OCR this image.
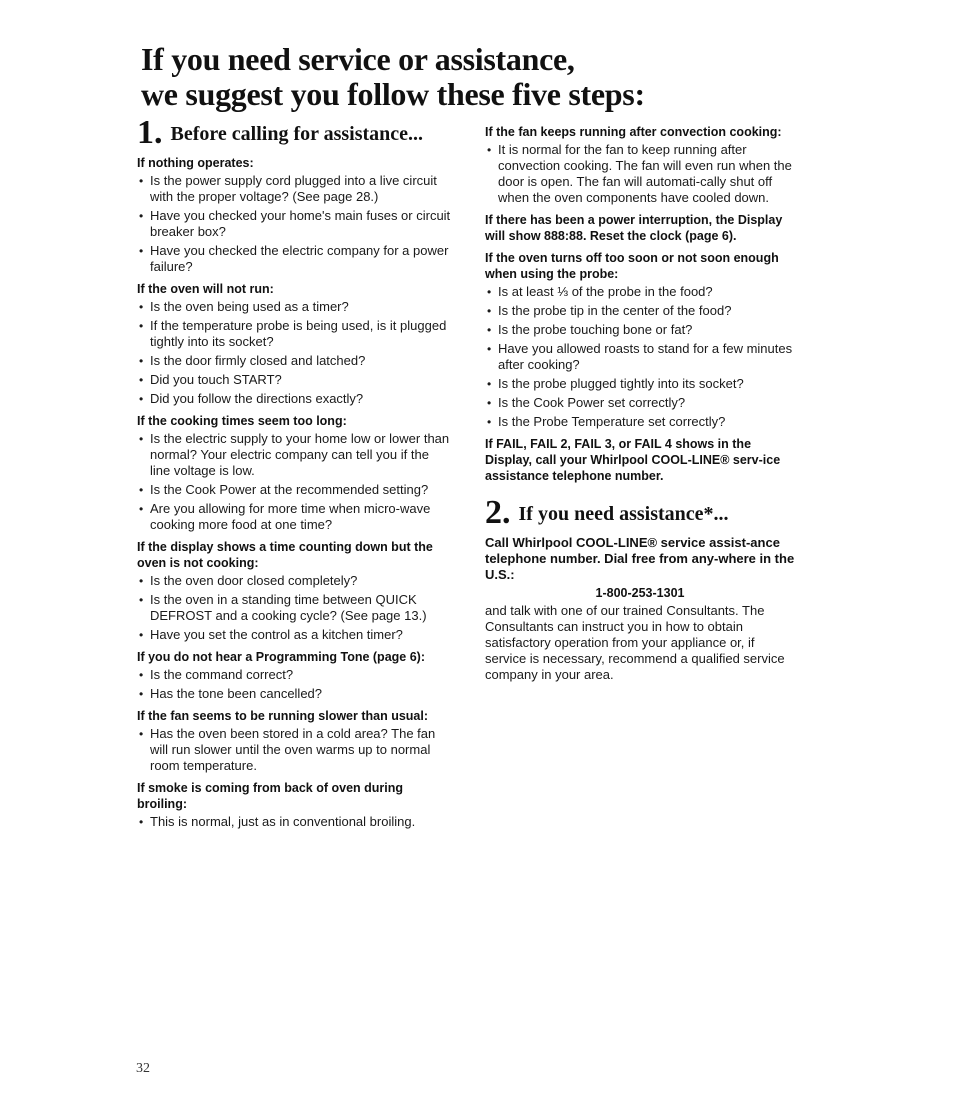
If you need service or assistance,
we suggest you follow these five steps:
1. Before calling for assistance...

If nothing operates:

• Is the power supply cord plugged into a live circuit with the proper voltage? (See page 28.)
• Have you checked your home's main fuses or circuit breaker box?
• Have you checked the electric company for a power failure?

If the oven will not run:

• Is the oven being used as a timer?
• If the temperature probe is being used, is it plugged tightly into its socket?
• Is the door firmly closed and latched?
• Did you touch START?
• Did you follow the directions exactly?

If the cooking times seem too long:

• Is the electric supply to your home low or lower than normal? Your electric company can tell you if the line voltage is low.
• Is the Cook Power at the recommended setting?
• Are you allowing for more time when micro-wave cooking more food at one time?

If the display shows a time counting down but the oven is not cooking:

• Is the oven door closed completely?
• Is the oven in a standing time between QUICK DEFROST and a cooking cycle? (See page 13.)
• Have you set the control as a kitchen timer?

If you do not hear a Programming Tone (page 6):

• Is the command correct?
• Has the tone been cancelled?

If the fan seems to be running slower than usual:

• Has the oven been stored in a cold area? The fan will run slower until the oven warms up to normal room temperature.

If smoke is coming from back of oven during broiling:

• This is normal, just as in conventional broiling.

If the fan keeps running after convection cooking:

• It is normal for the fan to keep running after convection cooking. The fan will even run when the door is open. The fan will automati-cally shut off when the oven components have cooled down.

If there has been a power interruption, the Display will show 888:88. Reset the clock (page 6).

If the oven turns off too soon or not soon enough when using the probe:

• Is at least ⅓ of the probe in the food?
• Is the probe tip in the center of the food?
• Is the probe touching bone or fat?
• Have you allowed roasts to stand for a few minutes after cooking?
• Is the probe plugged tightly into its socket?
• Is the Cook Power set correctly?
• Is the Probe Temperature set correctly?

If FAIL, FAIL 2, FAIL 3, or FAIL 4 shows in the Display, call your Whirlpool COOL-LINE® serv-ice assistance telephone number.

2. If you need assistance*...

Call Whirlpool COOL-LINE® service assist-ance telephone number. Dial free from any-where in the U.S.:

1-800-253-1301

and talk with one of our trained Consultants. The Consultants can instruct you in how to obtain satisfactory operation from your appliance or, if service is necessary, recommend a qualified service company in your area.

32
